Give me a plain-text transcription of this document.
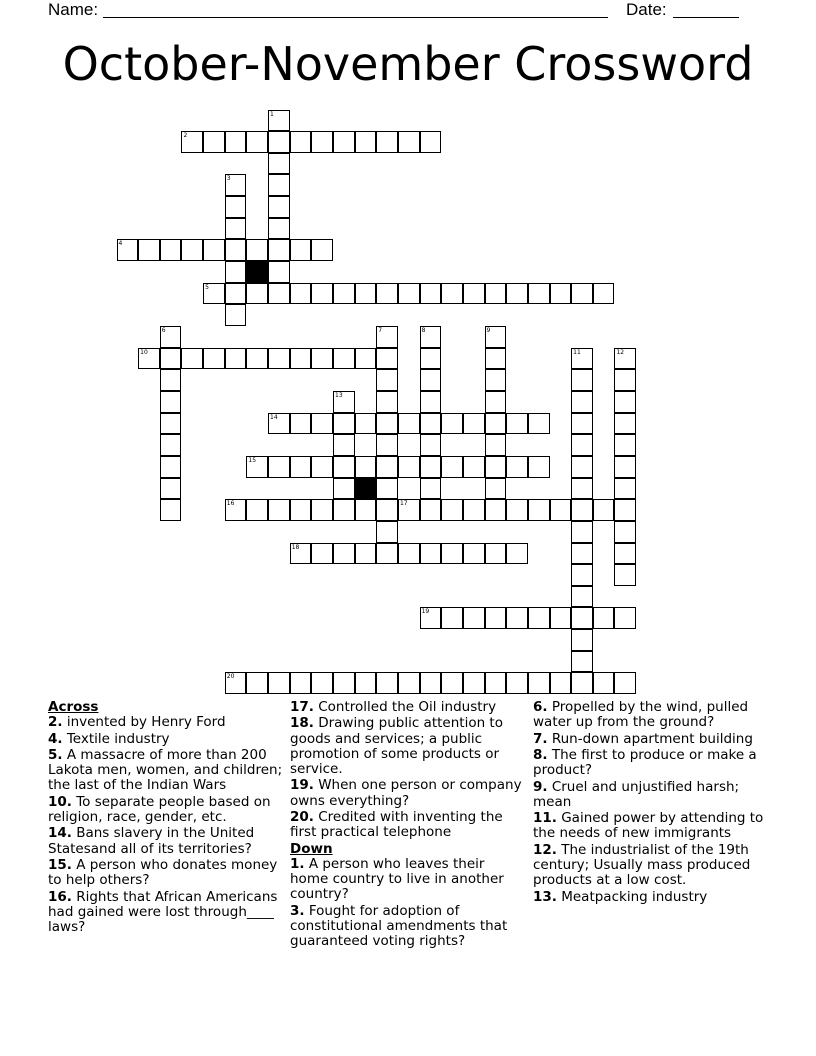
Name:	Date:
October-November Crossword
1
2
3
4
5
6	7	8	9
10	11	12
13
14
15
16	17
18
19
20
Across
2. invented by Henry Ford
4. Textile industry
5. A massacre of more than 200 Lakota men, women, and children; the last of the Indian Wars
10. To separate people based on religion, race, gender, etc.
14. Bans slavery in the United Statesand all of its territories?
15. A person who donates money to help others?
16. Rights that African Americans had gained were lost through____ laws?
17. Controlled the Oil industry
18. Drawing public attention to goods and services; a public promotion of some products or service.
19. When one person or company owns everything?
20. Credited with inventing the first practical telephone
Down
1. A person who leaves their home country to live in another country?
3. Fought for adoption of constitutional amendments that guaranteed voting rights?
6. Propelled by the wind, pulled water up from the ground?
7. Run-down apartment building
8. The first to produce or make a product?
9. Cruel and unjustified harsh; mean
11. Gained power by attending to the needs of new immigrants
12. The industrialist of the 19th century; Usually mass produced products at a low cost.
13. Meatpacking industry
